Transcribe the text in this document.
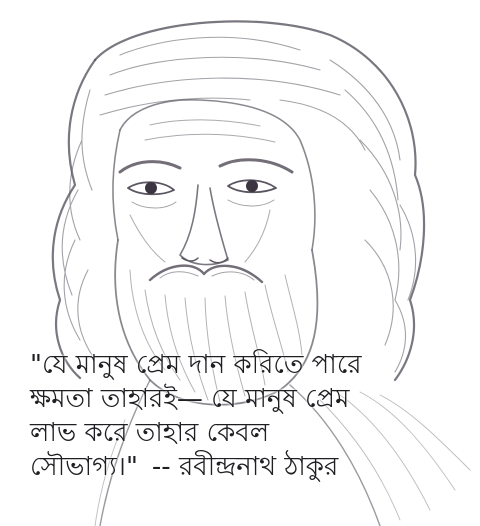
"যে মানুষ প্রেম দান করিতে পারে
ক্ষমতা তাহারই— যে মানুষ প্রেম
লাভ করে তাহার কেবল
সৌভাগ্য।" -- রবীন্দ্রনাথ ঠাকুর
